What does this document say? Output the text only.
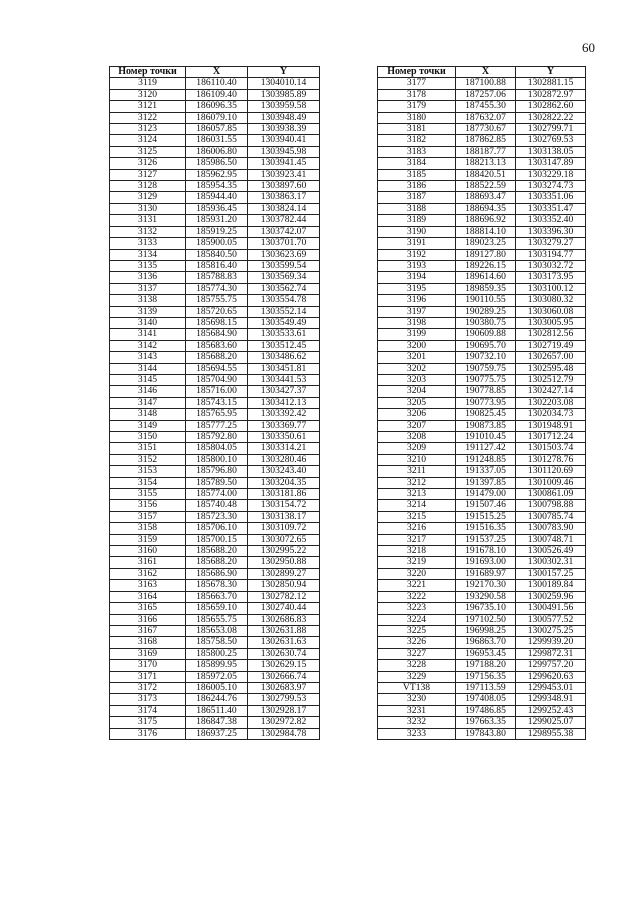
60
Номер точки	X	Y
3119	186110.40	1304010.14
3120	186109.40	1303985.89
3121	186096.35	1303959.58
3122	186079.10	1303948.49
3123	186057.85	1303938.39
3124	186031.55	1303940.41
3125	186006.80	1303945.98
3126	185986.50	1303941.45
3127	185962.95	1303923.41
3128	185954.35	1303897.60
3129	185944.40	1303863.17
3130	185936.45	1303824.14
3131	185931.20	1303782.44
3132	185919.25	1303742.07
3133	185900.05	1303701.70
3134	185840.50	1303623.69
3135	185816.40	1303599.54
3136	185788.83	1303569.34
3137	185774.30	1303562.74
3138	185755.75	1303554.78
3139	185720.65	1303552.14
3140	185698.15	1303549.49
3141	185684.90	1303533.61
3142	185683.60	1303512.45
3143	185688.20	1303486.62
3144	185694.55	1303451.81
3145	185704.90	1303441.53
3146	185716.00	1303427.37
3147	185743.15	1303412.13
3148	185765.95	1303392.42
3149	185777.25	1303369.77
3150	185792.80	1303350.61
3151	185804.05	1303314.21
3152	185800.10	1303280.46
3153	185796.80	1303243.40
3154	185789.50	1303204.35
3155	185774.00	1303181.86
3156	185740.48	1303154.72
3157	185723.30	1303138.17
3158	185706.10	1303109.72
3159	185700.15	1303072.65
3160	185688.20	1302995.22
3161	185688.20	1302950.88
3162	185686.90	1302899.27
3163	185678.30	1302850.94
3164	185663.70	1302782.12
3165	185659.10	1302740.44
3166	185655.75	1302686.83
3167	185653.08	1302631.88
3168	185758.50	1302631.63
3169	185800.25	1302630.74
3170	185899.95	1302629.15
3171	185972.05	1302666.74
3172	186005.10	1302683.97
3173	186244.76	1302799.53
3174	186511.40	1302928.17
3175	186847.38	1302972.82
3176	186937.25	1302984.78
Номер точки	X	Y
3177	187100.88	1302881.15
3178	187257.06	1302872.97
3179	187455.30	1302862.60
3180	187632.07	1302822.22
3181	187730.67	1302799.71
3182	187862.85	1302769.53
3183	188187.77	1303138.05
3184	188213.13	1303147.89
3185	188420.51	1303229.18
3186	188522.59	1303274.73
3187	188693.47	1303351.06
3188	188694.35	1303351.47
3189	188696.92	1303352.40
3190	188814.10	1303396.30
3191	189023.25	1303279.27
3192	189127.80	1303194.77
3193	189226.15	1303032.72
3194	189614.60	1303173.95
3195	189859.35	1303100.12
3196	190110.55	1303080.32
3197	190289.25	1303060.08
3198	190380.75	1303005.95
3199	190609.88	1302812.56
3200	190695.70	1302719.49
3201	190732.10	1302657.00
3202	190759.75	1302595.48
3203	190775.75	1302512.79
3204	190778.85	1302427.14
3205	190773.95	1302203.08
3206	190825.45	1302034.73
3207	190873.85	1301948.91
3208	191010.45	1301712.24
3209	191127.42	1301503.74
3210	191248.85	1301278.76
3211	191337.05	1301120.69
3212	191397.85	1301009.46
3213	191479.00	1300861.09
3214	191507.46	1300798.88
3215	191515.25	1300785.74
3216	191516.35	1300783.90
3217	191537.25	1300748.71
3218	191678.10	1300526.49
3219	191693.00	1300302.31
3220	191689.97	1300157.25
3221	192170.30	1300189.84
3222	193290.58	1300259.96
3223	196735.10	1300491.56
3224	197102.50	1300577.52
3225	196998.25	1300275.25
3226	196863.70	1299939.20
3227	196953.45	1299872.31
3228	197188.20	1299757.20
3229	197156.35	1299620.63
VT138	197113.59	1299453.01
3230	197408.05	1299348.91
3231	197486.85	1299252.43
3232	197663.35	1299025.07
3233	197843.80	1298955.38
